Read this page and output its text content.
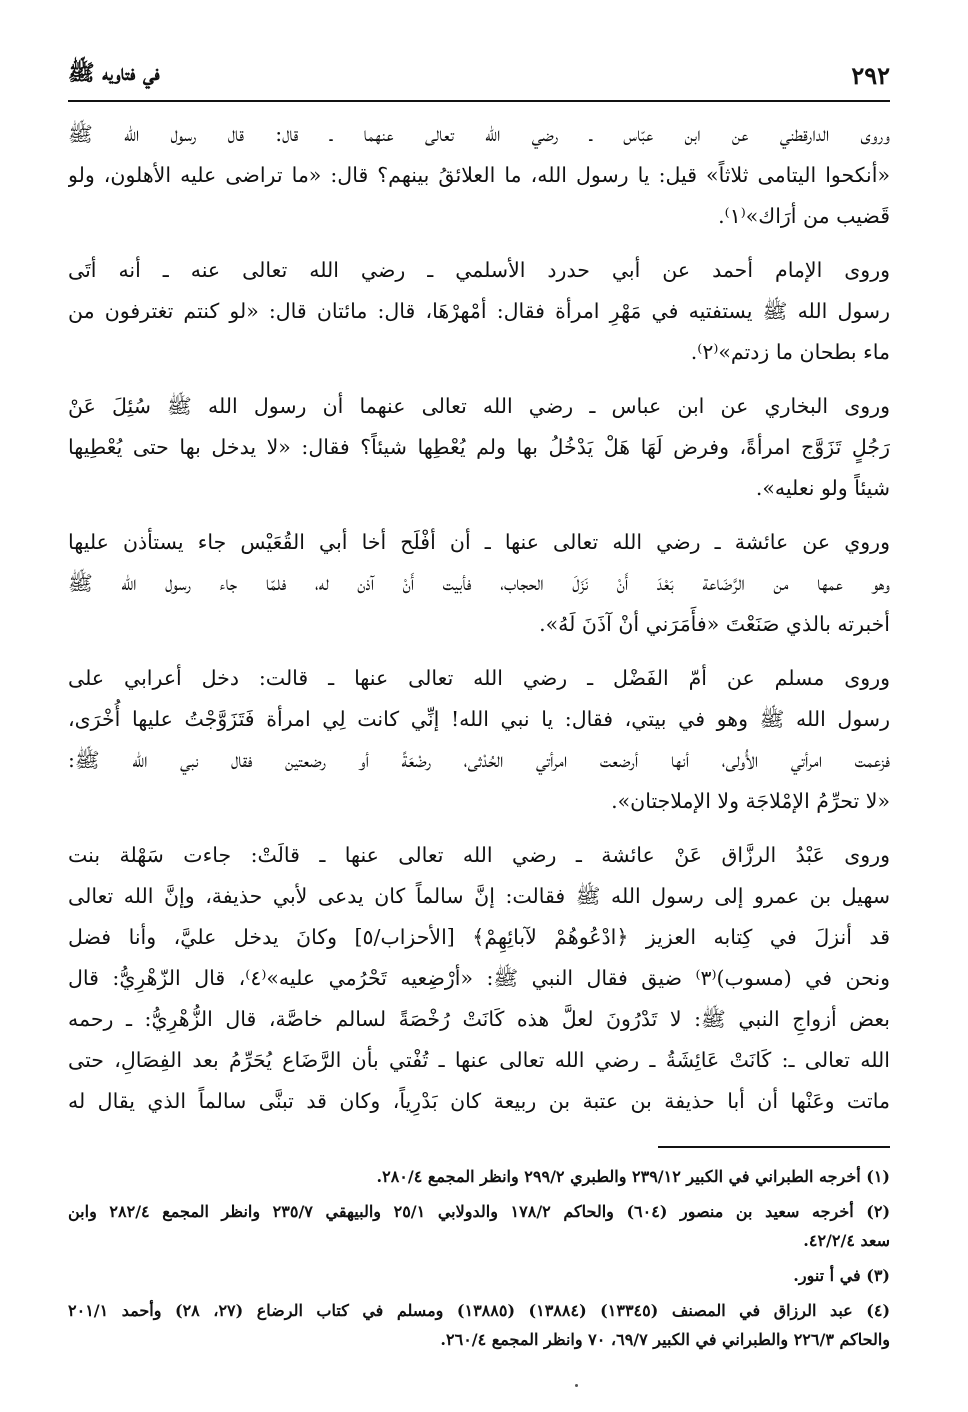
٢٩٢
في فتاويه ﷺ

وروى الدارقطني عن ابن عبّاس ـ رضي الله تعالى عنهما ـ قال: قال رسول الله ﷺ
«أنكحوا اليتامى ثلاثاً» قيل: يا رسول الله، ما العلائقُ بينهم؟ قال: «ما تراضى عليه الأهلون، ولو
قَضيب من أرَاك»⁽١⁾.

وروى الإمام أحمد عن أبي حدرد الأسلمي ـ رضي الله تعالى عنه ـ أنه أتَى
رسول الله ﷺ يستفتيه في مَهْرِ امرأة فقال: أمْهرْهَا، قال: مائتان قال: «لو كنتم تغترفون من
ماء بطحان ما زدتم»⁽٢⁾.

وروى البخاري عن ابن عباس ـ رضي الله تعالى عنهما أن رسول الله ﷺ سُئِلَ عَنْ
رَجُلٍ تَزَوَّج امرأةً، وفرض لَهَا هَلْ يَدْخُلُ بها ولم يُعْطِها شيئاً؟ فقال: «لا يدخل بها حتى يُعْطِيها
شيئاً ولو نعليه».

وروي عن عائشة ـ رضي الله تعالى عنها ـ أن أفْلَح أخا أبي القُعَيْس جاء يستأذن عليها
وهو عمها من الرَّضَاعة بَعْدَ أَنْ نَزَلَ الحجاب، فأبيت أَنْ آذن له، فلمّا جاء رسول الله ﷺ
أخبرته بالذي صَنَعْتَ «فأَمَرَني أنْ آذَنَ لَهُ».

وروى مسلم عن أمّ الفَضْل ـ رضي الله تعالى عنها ـ قالت: دخل أعرابي على
رسول الله ﷺ وهو في بيتي، فقال: يا نبي الله! إنِّي كانت لِي امرأة فَتَزَوَّجْتُ عليها أُخْرَى،
فزعمت امرأتي الأُولى، أنها أرضعت امرأتي الحُدْثى، رضْعَةً أو رضعتين فقال نبي الله ﷺ:
«لا تحرِّمُ الإمْلاجَة ولا الإملاجتان».

وروى عَبْدُ الرزَّاق عَنْ عائشة ـ رضي الله تعالى عنها ـ قالَتْ: جاءت سَهْلة بنت
سهيل بن عمرو إلى رسول الله ﷺ فقالت: إنَّ سالماً كان يدعى لأبي حذيفة، وإنَّ الله تعالى
قد أنزلَ في كِتابه العزيز ﴿ادْعُوهُمْ لآبائِهِمْ﴾ [الأحزاب/٥] وكانَ يدخل عليَّ، وأنا فضل
ونحن في (مسوب)⁽٣⁾ ضيق فقال النبي ﷺ: «أرْضِعيه تَحْرُمي عليه»⁽٤⁾، قال الزّهْرِيُّ: قال
بعض أزواجِ النبي ﷺ: لا تَدْرُونَ لعلَّ هذه كَانَتْ رُخْصَةً لسالم خاصَّة، قال الزُّهْرِيُّ: ـ رحمه
الله تعالى ـ: كَانَتْ عَائِشَةُ ـ رضي الله تعالى عنها ـ تُفْتي بأن الرَّضَاع يُحَرِّمُ بعد الفِصَالِ، حتى
ماتت وعَنْها أن أبا حذيفة بن عتبة بن ربيعة كان بَدْرِياً، وكان قد تبنَّى سالماً الذي يقال له

(١) أخرجه الطبراني في الكبير ٢٣٩/١٢ والطبري ٢٩٩/٢ وانظر المجمع ٢٨٠/٤.

(٢) أخرجه سعيد بن منصور (٦٠٤) والحاكم ١٧٨/٢ والدولابي ٢٥/١ والبيهقي ٢٣٥/٧ وانظر المجمع ٢٨٢/٤ وابن
سعد ٤٢/٢/٤.

(٣) في أ تنور.

(٤) عبد الرزاق في المصنف (١٣٣٤٥) (١٣٨٨٤) (١٣٨٨٥) ومسلم في كتاب الرضاع (٢٧، ٢٨) وأحمد ٢٠١/١
والحاكم ٢٢٦/٣ والطبراني في الكبير ٦٩/٧، ٧٠ وانظر المجمع ٢٦٠/٤.
